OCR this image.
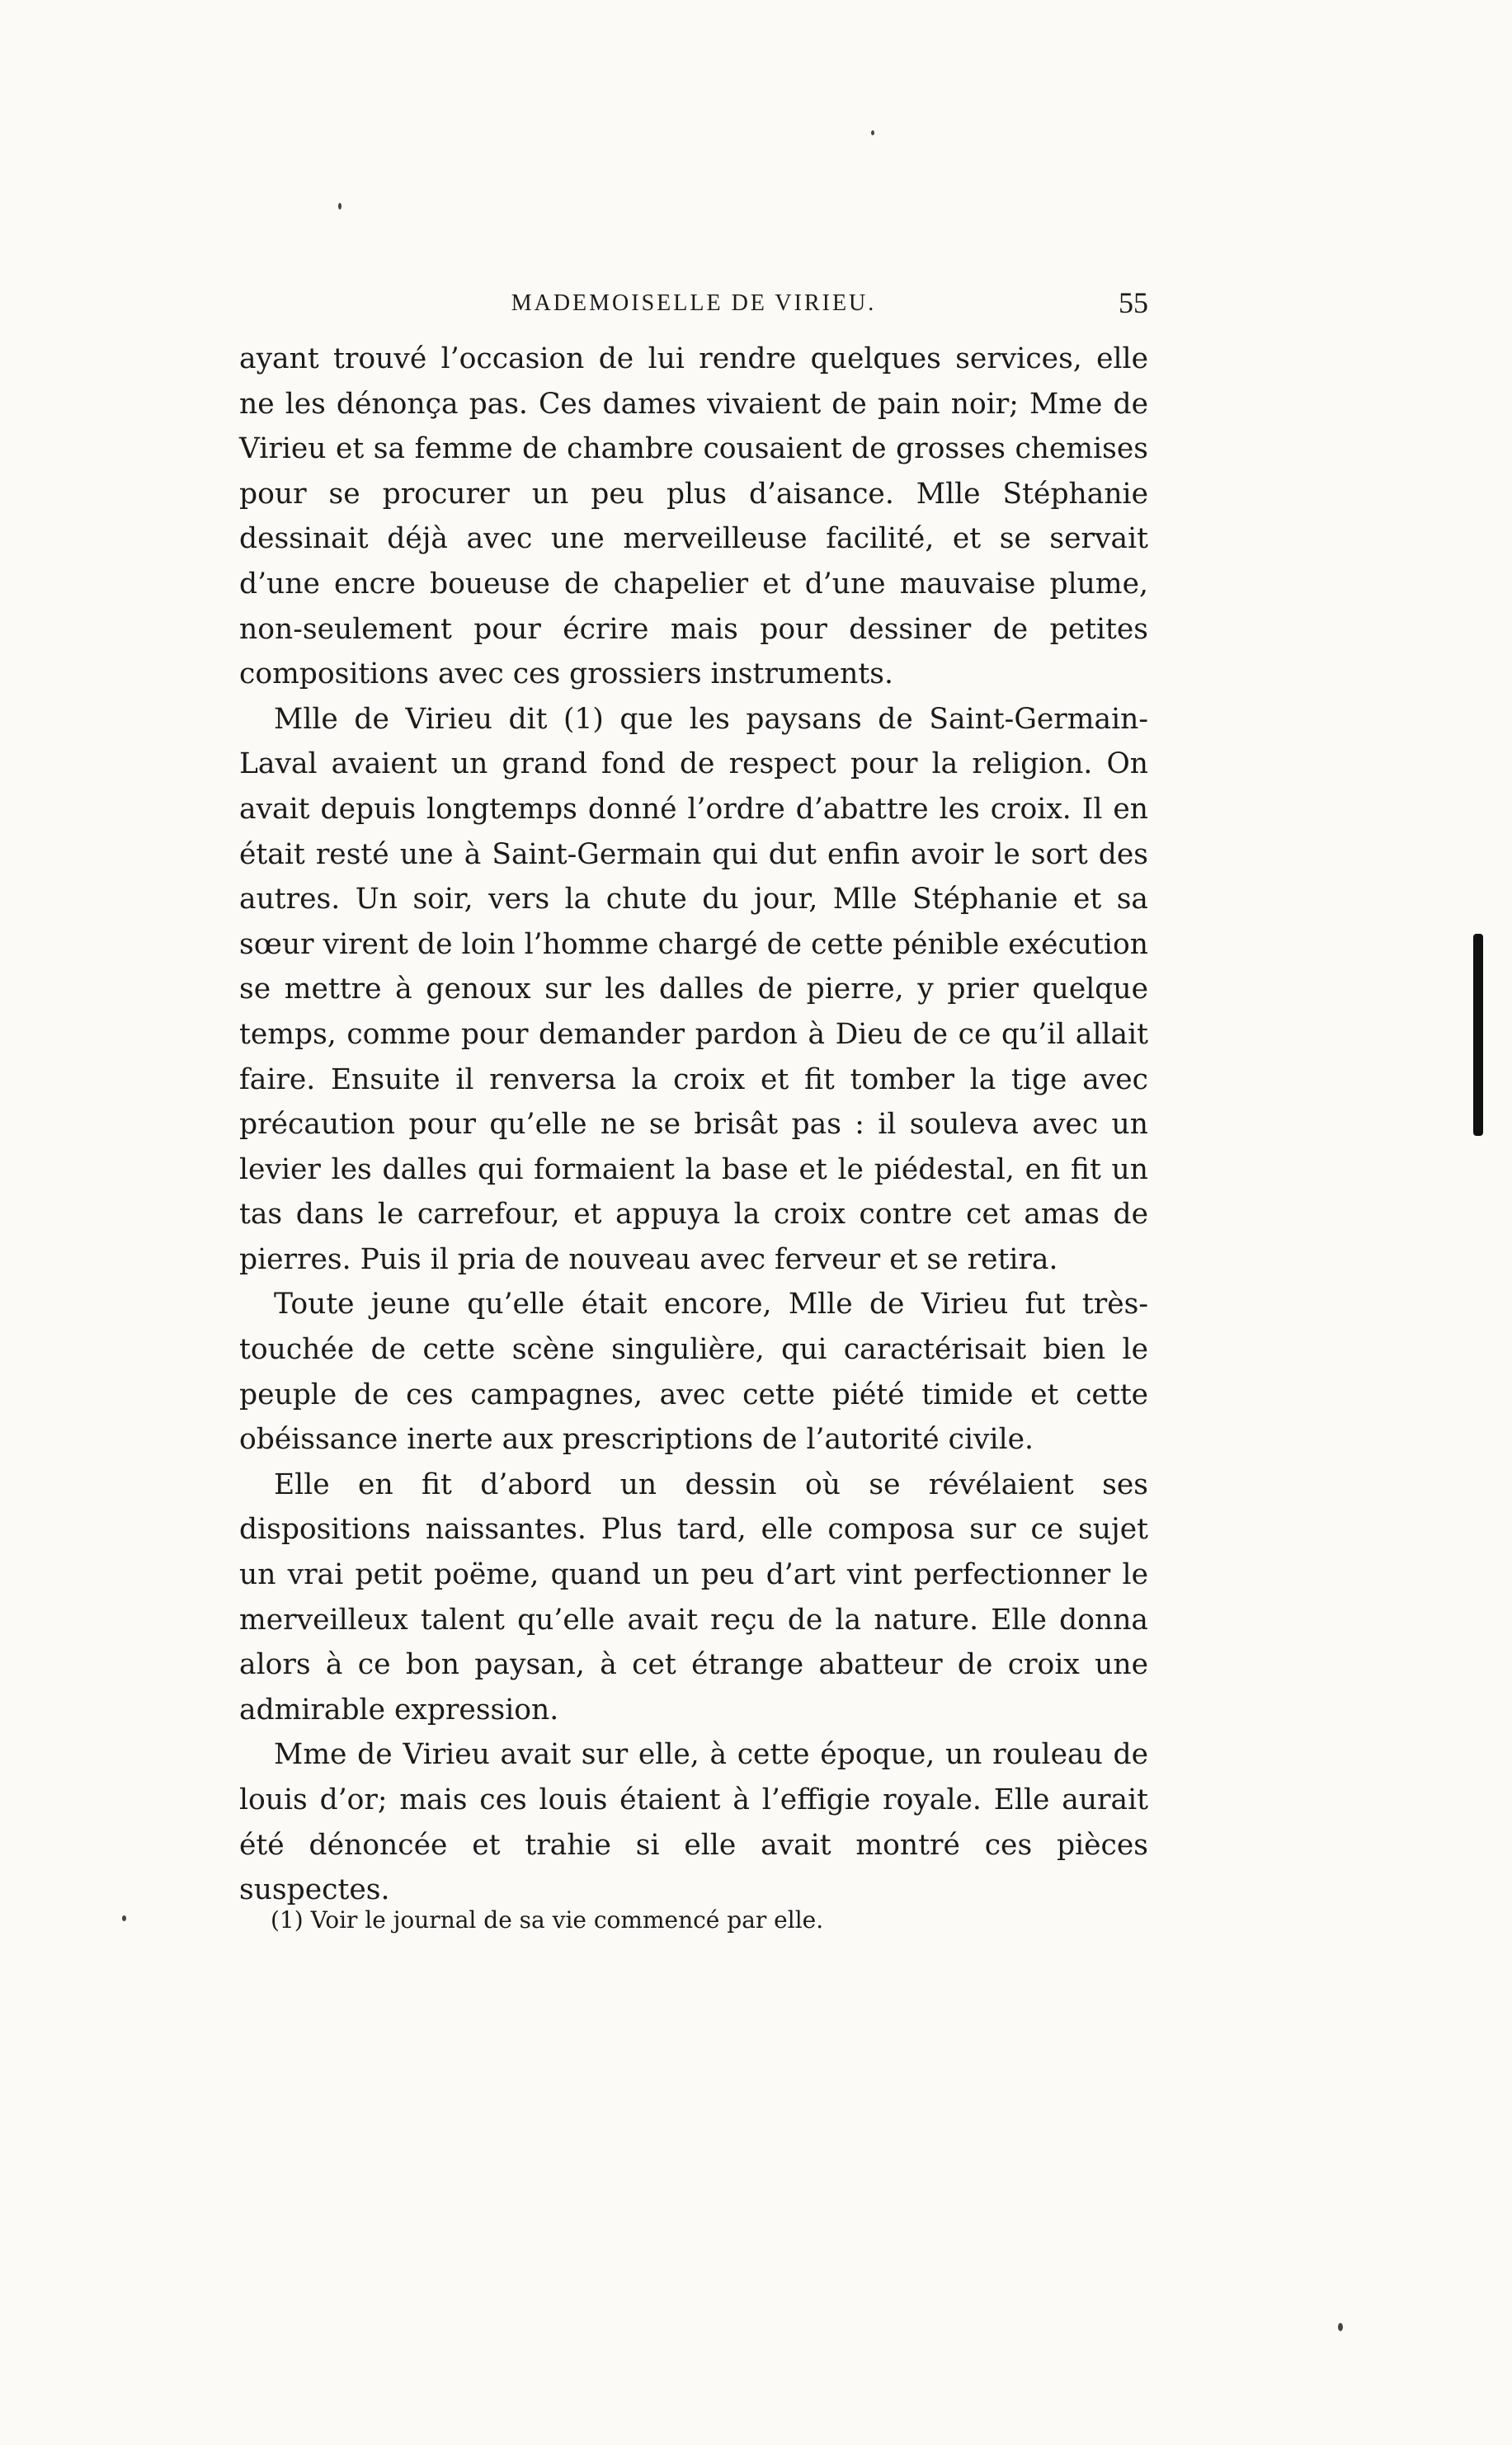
MADEMOISELLE DE VIRIEU.	55

ayant trouvé l’occasion de lui rendre quelques services, elle ne les dénonça pas. Ces dames vivaient de pain noir; Mme de Virieu et sa femme de chambre cousaient de grosses chemises pour se procurer un peu plus d’aisance. Mlle Stéphanie dessinait déjà avec une merveilleuse facilité, et se servait d’une encre boueuse de chapelier et d’une mauvaise plume, non-seulement pour écrire mais pour dessiner de petites compositions avec ces grossiers instruments.

Mlle de Virieu dit (1) que les paysans de Saint-Germain-Laval avaient un grand fond de respect pour la religion. On avait depuis longtemps donné l’ordre d’abattre les croix. Il en était resté une à Saint-Germain qui dut enfin avoir le sort des autres. Un soir, vers la chute du jour, Mlle Stéphanie et sa sœur virent de loin l’homme chargé de cette pénible exécution se mettre à genoux sur les dalles de pierre, y prier quelque temps, comme pour demander pardon à Dieu de ce qu’il allait faire. Ensuite il renversa la croix et fit tomber la tige avec précaution pour qu’elle ne se brisât pas : il souleva avec un levier les dalles qui formaient la base et le piédestal, en fit un tas dans le carrefour, et appuya la croix contre cet amas de pierres. Puis il pria de nouveau avec ferveur et se retira.

Toute jeune qu’elle était encore, Mlle de Virieu fut très-touchée de cette scène singulière, qui caractérisait bien le peuple de ces campagnes, avec cette piété timide et cette obéissance inerte aux prescriptions de l’autorité civile.

Elle en fit d’abord un dessin où se révélaient ses dispositions naissantes. Plus tard, elle composa sur ce sujet un vrai petit poëme, quand un peu d’art vint perfectionner le merveilleux talent qu’elle avait reçu de la nature. Elle donna alors à ce bon paysan, à cet étrange abatteur de croix une admirable expression.

Mme de Virieu avait sur elle, à cette époque, un rouleau de louis d’or; mais ces louis étaient à l’effigie royale. Elle aurait été dénoncée et trahie si elle avait montré ces pièces suspectes.

(1) Voir le journal de sa vie commencé par elle.
